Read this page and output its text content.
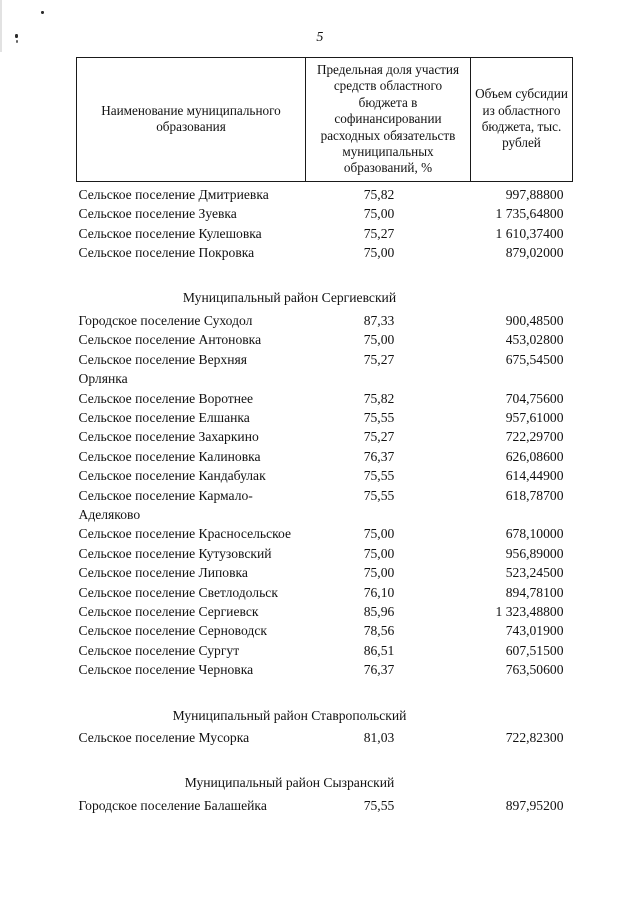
5
Наименование муниципального образования	Предельная доля участия средств областного бюджета в софинансировании расходных обязательств муниципальных образований, %	Объем субсидии из областного бюджета, тыс. рублей
Сельское поселение Дмитриевка	75,82	997,88800
Сельское поселение Зуевка	75,00	1 735,64800
Сельское поселение Кулешовка	75,27	1 610,37400
Сельское поселение Покровка	75,00	879,02000
Муниципальный район Сергиевский		
Городское поселение Суходол	87,33	900,48500
Сельское поселение Антоновка	75,00	453,02800
Сельское поселение Верхняя Орлянка	75,27	675,54500
Сельское поселение Воротнее	75,82	704,75600
Сельское поселение Елшанка	75,55	957,61000
Сельское поселение Захаркино	75,27	722,29700
Сельское поселение Калиновка	76,37	626,08600
Сельское поселение Кандабулак	75,55	614,44900
Сельское поселение Кармало-Аделяково	75,55	618,78700
Сельское поселение Красносельское	75,00	678,10000
Сельское поселение Кутузовский	75,00	956,89000
Сельское поселение Липовка	75,00	523,24500
Сельское поселение Светлодольск	76,10	894,78100
Сельское поселение Сергиевск	85,96	1 323,48800
Сельское поселение Серноводск	78,56	743,01900
Сельское поселение Сургут	86,51	607,51500
Сельское поселение Черновка	76,37	763,50600
Муниципальный район Ставропольский		
Сельское поселение Мусорка	81,03	722,82300
Муниципальный район Сызранский		
Городское поселение Балашейка	75,55	897,95200
